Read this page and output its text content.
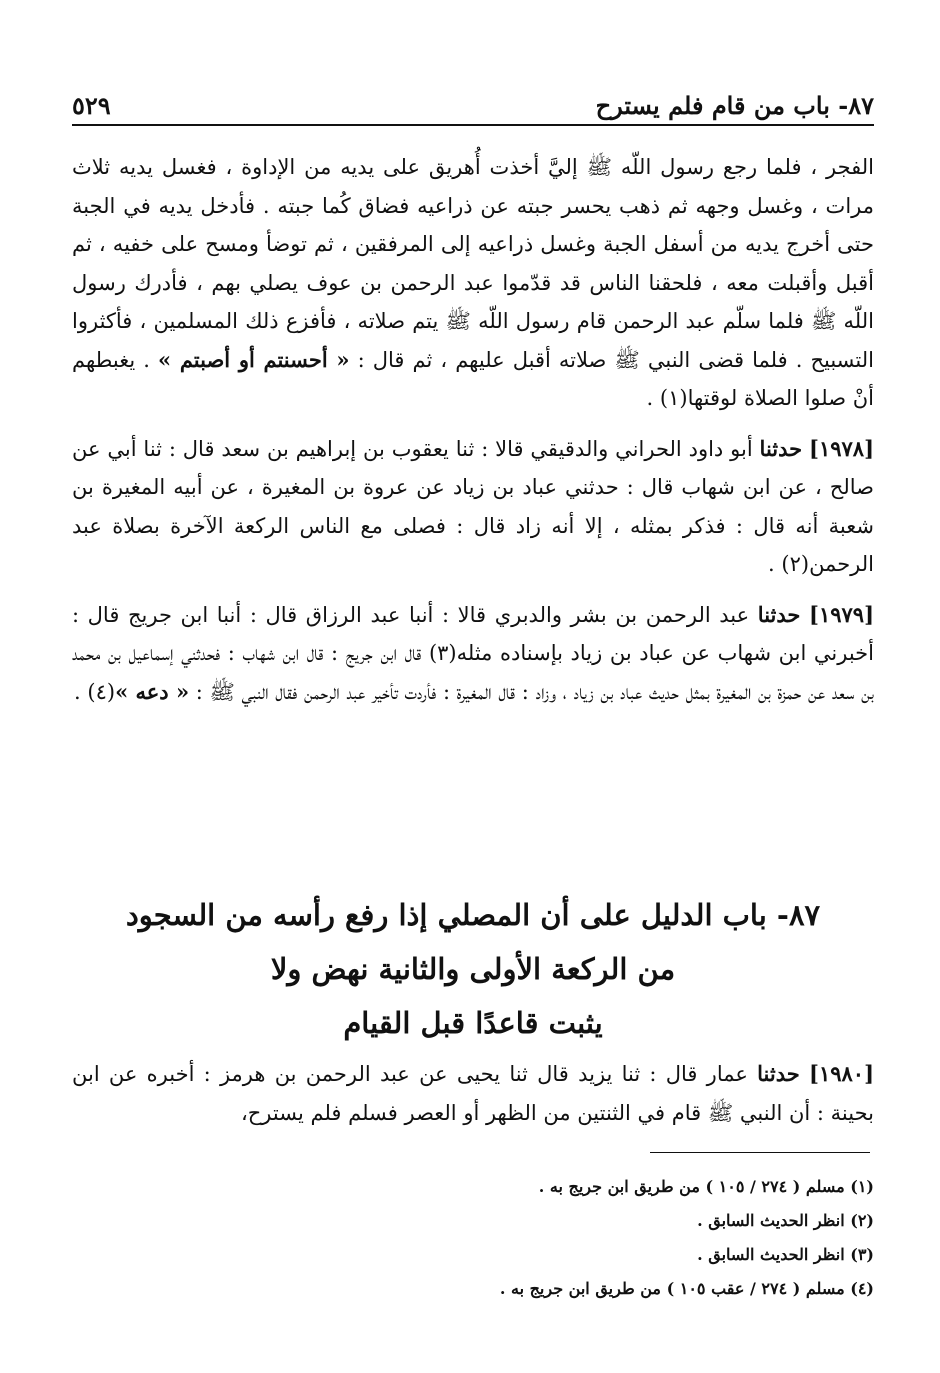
٨٧- باب من قام فلم يسترح
٥٢٩

الفجر ، فلما رجع رسول اللّه ﷺ إليَّ أخذت أُهريق على يديه من الإداوة ، فغسل يديه ثلاث مرات ، وغسل وجهه ثم ذهب يحسر جبته عن ذراعيه فضاق كُما جبته . فأدخل يديه في الجبة حتى أخرج يديه من أسفل الجبة وغسل ذراعيه إلى المرفقين ، ثم توضأ ومسح على خفيه ، ثم أقبل وأقبلت معه ، فلحقنا الناس قد قدّموا عبد الرحمن بن عوف يصلي بهم ، فأدرك رسول اللّه ﷺ فلما سلّم عبد الرحمن قام رسول اللّه ﷺ يتم صلاته ، فأفزع ذلك المسلمين ، فأكثروا التسبيح . فلما قضى النبي ﷺ صلاته أقبل عليهم ، ثم قال : « أحسنتم أو أصبتم » . يغبطهم أنْ صلوا الصلاة لوقتها(١) .

[١٩٧٨] حدثنا أبو داود الحراني والدقيقي قالا : ثنا يعقوب بن إبراهيم بن سعد قال : ثنا أبي عن صالح ، عن ابن شهاب قال : حدثني عباد بن زياد عن عروة بن المغيرة ، عن أبيه المغيرة بن شعبة أنه قال : فذكر بمثله ، إلا أنه زاد قال : فصلى مع الناس الركعة الآخرة بصلاة عبد الرحمن(٢) .

[١٩٧٩] حدثنا عبد الرحمن بن بشر والدبري قالا : أنبا عبد الرزاق قال : أنبا ابن جريج قال : أخبرني ابن شهاب عن عباد بن زياد بإسناده مثله(٣) قال ابن جريج : قال ابن شهاب : فحدثني إسماعيل بن محمد بن سعد عن حمزة بن المغيرة بمثل حديث عباد بن زياد ، وزاد : قال المغيرة : فأردت تأخير عبد الرحمن فقال النبي ﷺ : « دعه »(٤) .

٨٧- باب الدليل على أن المصلي إذا رفع رأسه من السجود
من الركعة الأولى والثانية نهض ولا
يثبت قاعدًا قبل القيام
[١٩٨٠] حدثنا عمار قال : ثنا يزيد قال ثنا يحيى عن عبد الرحمن بن هرمز : أخبره عن ابن بحينة : أن النبي ﷺ قام في الثنتين من الظهر أو العصر فسلم فلم يسترح،
(١) مسلم ( ٢٧٤ / ١٠٥ ) من طريق ابن جريج به .
(٢) انظر الحديث السابق .
(٣) انظر الحديث السابق .
(٤) مسلم ( ٢٧٤ / عقب ١٠٥ ) من طريق ابن جريج به .
